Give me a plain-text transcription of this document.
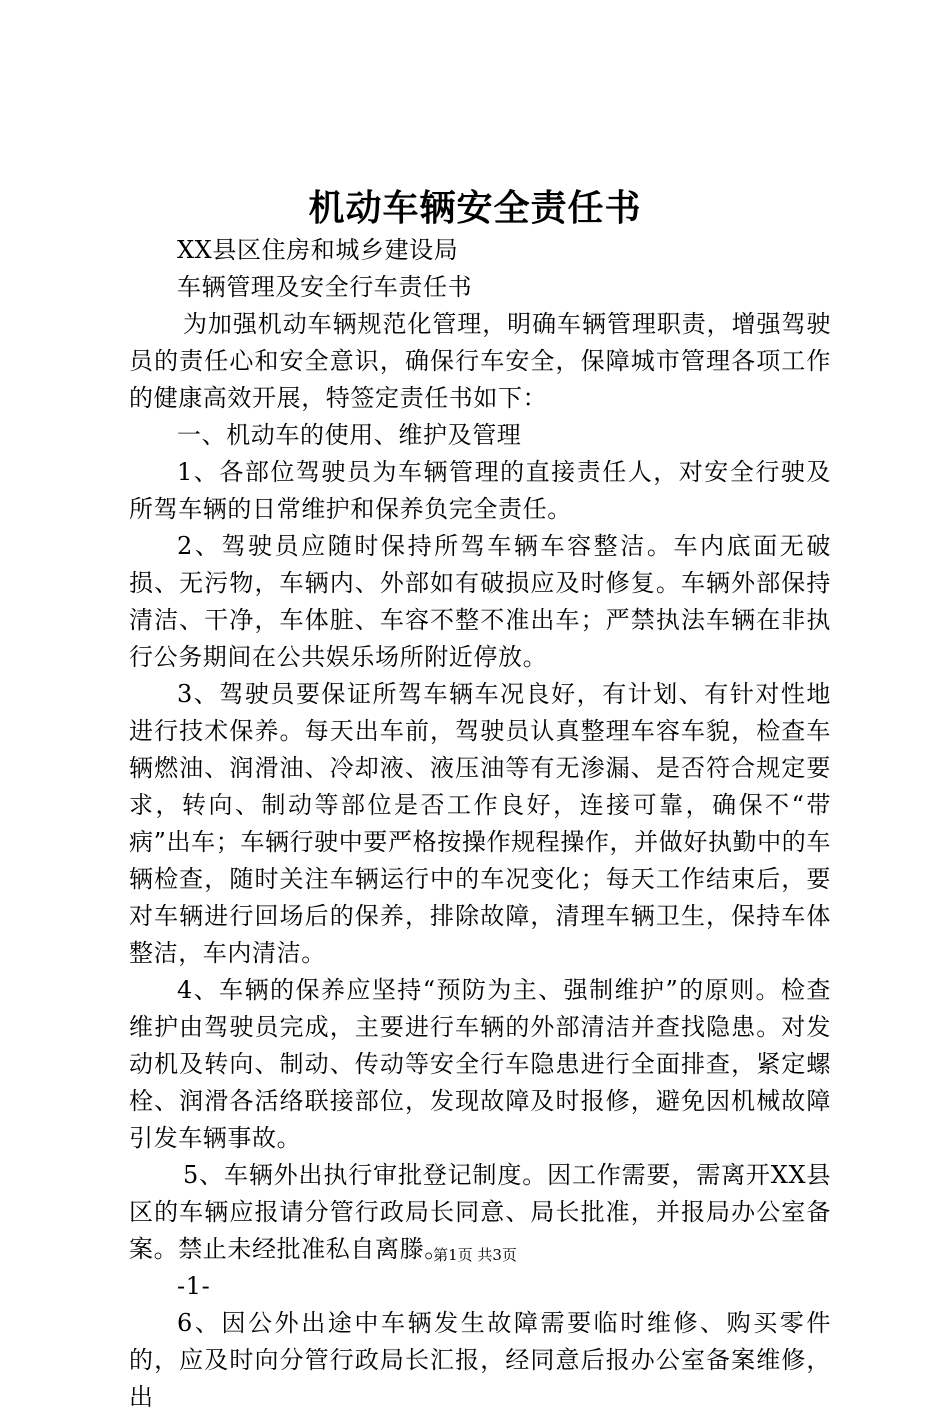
机动车辆安全责任书

XX县区住房和城乡建设局

车辆管理及安全行车责任书

为加强机动车辆规范化管理，明确车辆管理职责，增强驾驶员的责任心和安全意识，确保行车安全，保障城市管理各项工作的健康高效开展，特签定责任书如下：

一、机动车的使用、维护及管理

1、各部位驾驶员为车辆管理的直接责任人，对安全行驶及所驾车辆的日常维护和保养负完全责任。

2、驾驶员应随时保持所驾车辆车容整洁。车内底面无破损、无污物，车辆内、外部如有破损应及时修复。车辆外部保持清洁、干净，车体脏、车容不整不准出车；严禁执法车辆在非执行公务期间在公共娱乐场所附近停放。

3、驾驶员要保证所驾车辆车况良好，有计划、有针对性地进行技术保养。每天出车前，驾驶员认真整理车容车貌，检查车辆燃油、润滑油、冷却液、液压油等有无渗漏、是否符合规定要求，转向、制动等部位是否工作良好，连接可靠，确保不“带病”出车；车辆行驶中要严格按操作规程操作，并做好执勤中的车辆检查，随时关注车辆运行中的车况变化；每天工作结束后，要对车辆进行回场后的保养，排除故障，清理车辆卫生，保持车体整洁，车内清洁。

4、车辆的保养应坚持“预防为主、强制维护”的原则。检查维护由驾驶员完成，主要进行车辆的外部清洁并查找隐患。对发动机及转向、制动、传动等安全行车隐患进行全面排查，紧定螺栓、润滑各活络联接部位，发现故障及时报修，避免因机械故障引发车辆事故。

5、车辆外出执行审批登记制度。因工作需要，需离开XX县区的车辆应报请分管行政局长同意、局长批准，并报局办公室备案。禁止未经批准私自离滕。

-1-

6、因公外出途中车辆发生故障需要临时维修、购买零件的，应及时向分管行政局长汇报，经同意后报办公室备案维修，出

第1页 共3页
